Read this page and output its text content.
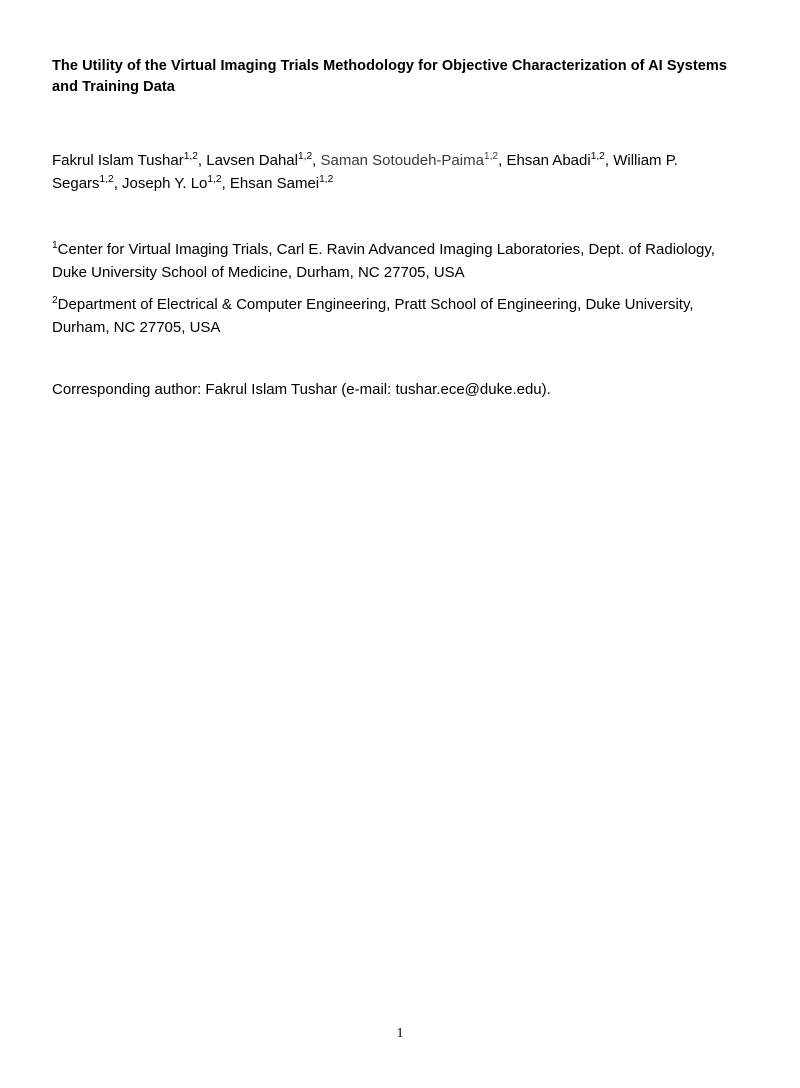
The Utility of the Virtual Imaging Trials Methodology for Objective Characterization of AI Systems and Training Data
Fakrul Islam Tushar$^{1,2}$, Lavsen Dahal$^{1,2}$, Saman Sotoudeh-Paima$^{1,2}$, Ehsan Abadi$^{1,2}$, William P. Segars$^{1,2}$, Joseph Y. Lo$^{1,2}$, Ehsan Samei$^{1,2}$
$^1$Center for Virtual Imaging Trials, Carl E. Ravin Advanced Imaging Laboratories, Dept. of Radiology, Duke University School of Medicine, Durham, NC 27705, USA
$^2$Department of Electrical & Computer Engineering, Pratt School of Engineering, Duke University, Durham, NC 27705, USA
Corresponding author: Fakrul Islam Tushar (e-mail: tushar.ece@duke.edu).
1
